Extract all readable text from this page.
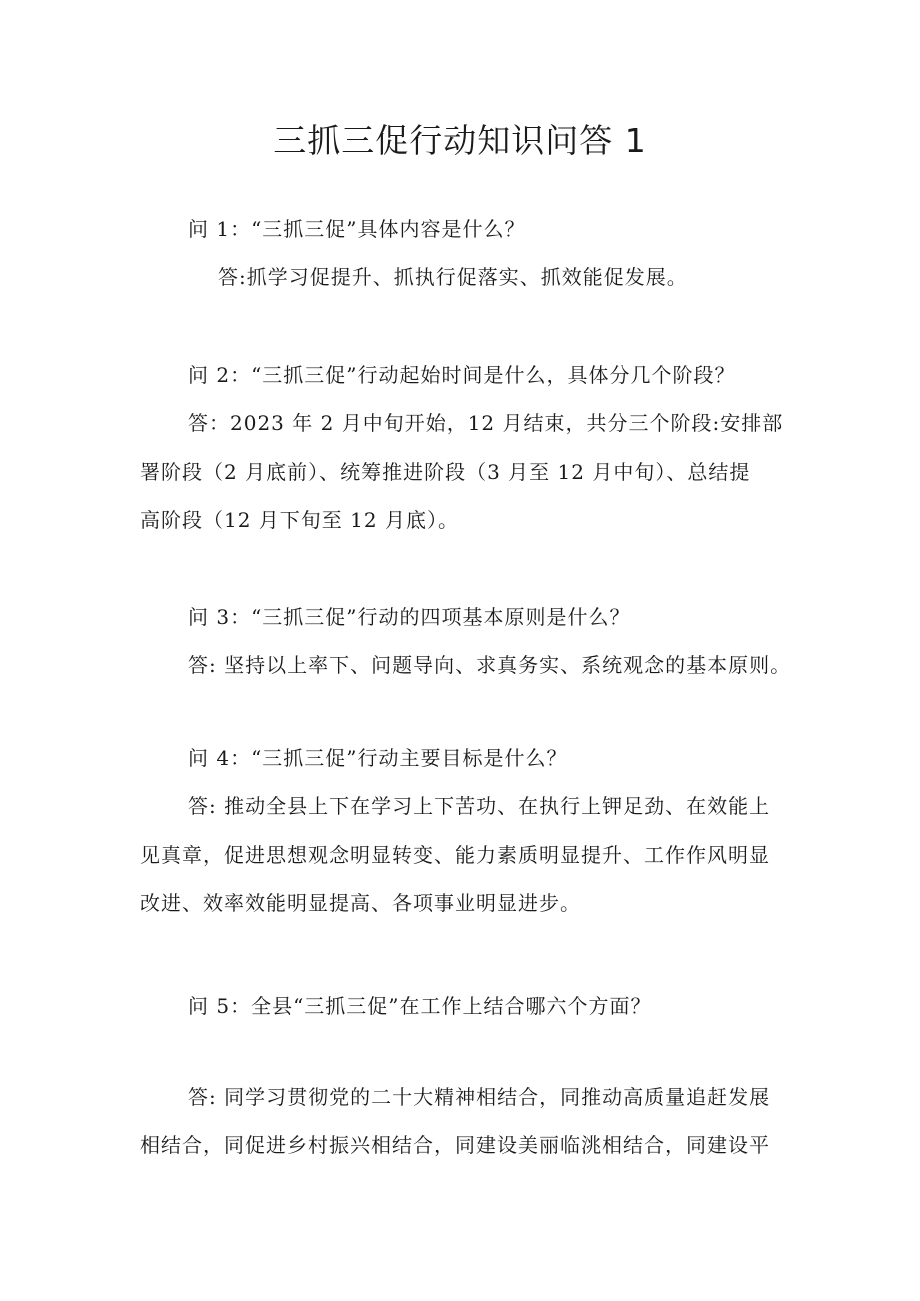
三抓三促行动知识问答 1
问 1：“三抓三促”具体内容是什么？
答:抓学习促提升、抓执行促落实、抓效能促发展。
问 2：“三抓三促”行动起始时间是什么，具体分几个阶段？
答：2023 年 2 月中旬开始，12 月结束，共分三个阶段:安排部
署阶段（2 月底前）、统筹推进阶段（3 月至 12 月中旬）、总结提
高阶段（12 月下旬至 12 月底）。
问 3：“三抓三促”行动的四项基本原则是什么？
答: 坚持以上率下、问题导向、求真务实、系统观念的基本原则。
问 4：“三抓三促”行动主要目标是什么？
答: 推动全县上下在学习上下苦功、在执行上钾足劲、在效能上
见真章，促进思想观念明显转变、能力素质明显提升、工作作风明显
改进、效率效能明显提高、各项事业明显进步。
问 5：全县“三抓三促”在工作上结合哪六个方面？
答: 同学习贯彻党的二十大精神相结合，同推动高质量追赶发展
相结合，同促进乡村振兴相结合，同建设美丽临洮相结合，同建设平
